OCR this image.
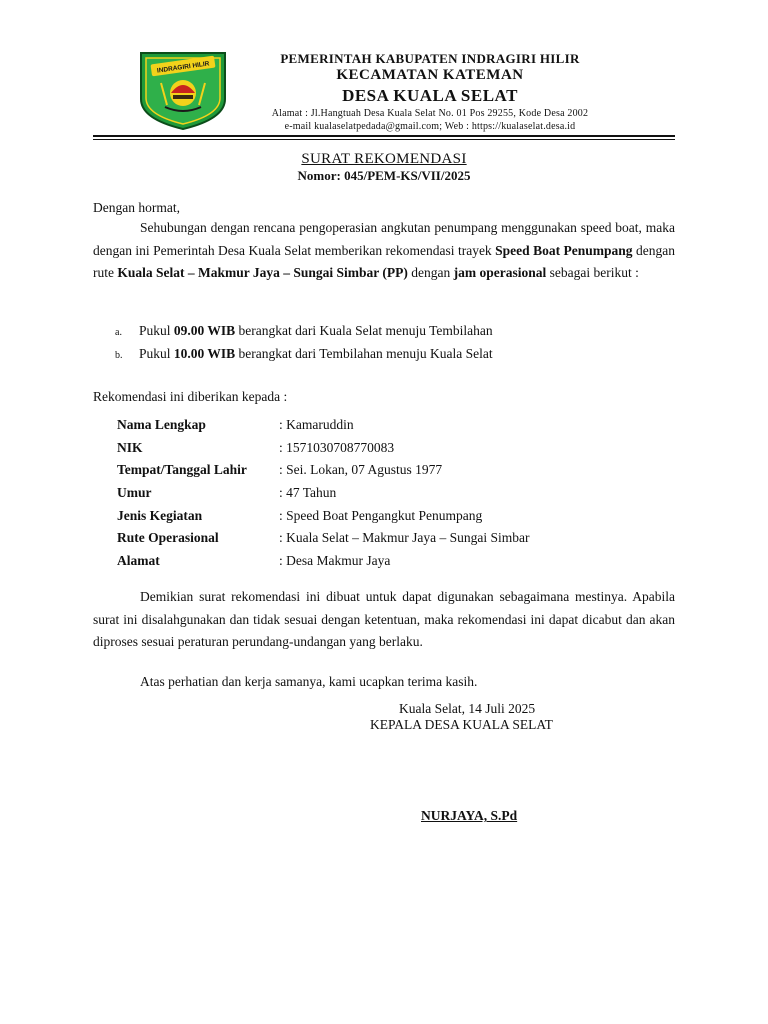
INDRAGIRI HILIR
PEMERINTAH KABUPATEN INDRAGIRI HILIR
KECAMATAN KATEMAN
DESA KUALA SELAT
Alamat : Jl.Hangtuah Desa Kuala Selat No. 01 Pos 29255, Kode Desa 2002
e-mail kualaselatpedada@gmail.com; Web : https://kualaselat.desa.id
SURAT REKOMENDASI
Nomor: 045/PEM-KS/VII/2025
Dengan hormat,
Sehubungan dengan rencana pengoperasian angkutan penumpang menggunakan speed boat, maka dengan ini Pemerintah Desa Kuala Selat memberikan rekomendasi trayek Speed Boat Penumpang dengan rute Kuala Selat – Makmur Jaya – Sungai Simbar (PP) dengan jam operasional sebagai berikut :
a. Pukul 09.00 WIB berangkat dari Kuala Selat menuju Tembilahan
b. Pukul 10.00 WIB berangkat dari Tembilahan menuju Kuala Selat
Rekomendasi ini diberikan kepada :
Nama Lengkap	: Kamaruddin
NIK	: 1571030708770083
Tempat/Tanggal Lahir	: Sei. Lokan, 07 Agustus 1977
Umur	: 47 Tahun
Jenis Kegiatan	: Speed Boat Pengangkut Penumpang
Rute Operasional	: Kuala Selat – Makmur Jaya – Sungai Simbar
Alamat	: Desa Makmur Jaya
Demikian surat rekomendasi ini dibuat untuk dapat digunakan sebagaimana mestinya. Apabila surat ini disalahgunakan dan tidak sesuai dengan ketentuan, maka rekomendasi ini dapat dicabut dan akan diproses sesuai peraturan perundang-undangan yang berlaku.
Atas perhatian dan kerja samanya, kami ucapkan terima kasih.
Kuala Selat, 14 Juli 2025
KEPALA DESA KUALA SELAT
NURJAYA, S.Pd
